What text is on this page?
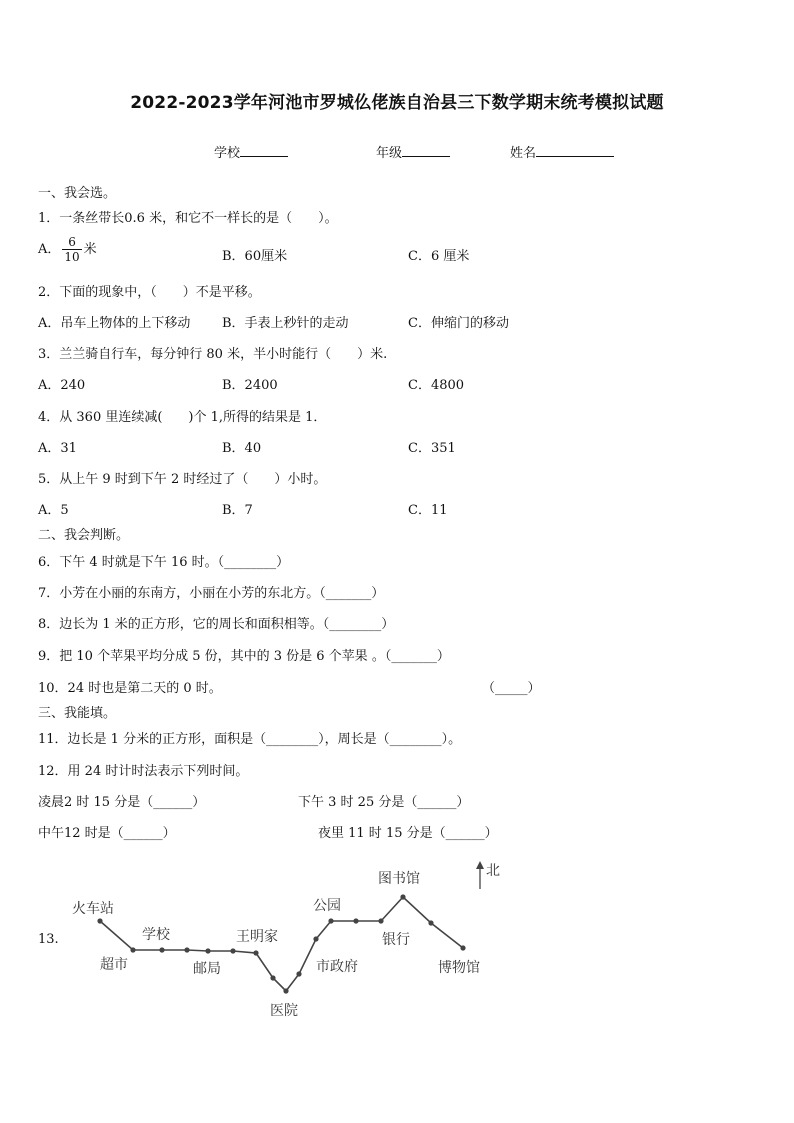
2022-2023学年河池市罗城仫佬族自治县三下数学期末统考模拟试题
学校	年级	姓名
一、我会选。
1．一条丝带长0.6 米，和它不一样长的是（　　）。
A． $\frac{6}{10}$ 米	B．60厘米	C．6 厘米
2．下面的现象中，（　　）不是平移。
A．吊车上物体的上下移动 B．手表上秒针的走动	C．伸缩门的移动
3．兰兰骑自行车，每分钟行 80 米，半小时能行（　　）米.
A．240	B．2400	C．4800
4．从 360 里连续减(　　)个 1,所得的结果是 1．
A．31	B．40	C．351
5．从上午 9 时到下午 2 时经过了（　　）小时。
A．5	B．7	C．11
二、我会判断。
6．下午 4 时就是下午 16 时。（________）
7．小芳在小丽的东南方，小丽在小芳的东北方。（_______）
8．边长为 1 米的正方形，它的周长和面积相等。（________）
9．把 10 个苹果平均分成 5 份，其中的 3 份是 6 个苹果 。（_______）
10．24 时也是第二天的 0 时。	（_____）
三、我能填。
11．边长是 1 分米的正方形，面积是（________），周长是（________）。
12．用 24 时计时法表示下列时间。
凌晨2 时 15 分是（______）	下午 3 时 25 分是（______）
中午12 时是（______）	夜里 11 时 15 分是（______）
13.
火车站
超市
学校
邮局
王明家
医院
市政府
公园
银行
图书馆
博物馆
北
